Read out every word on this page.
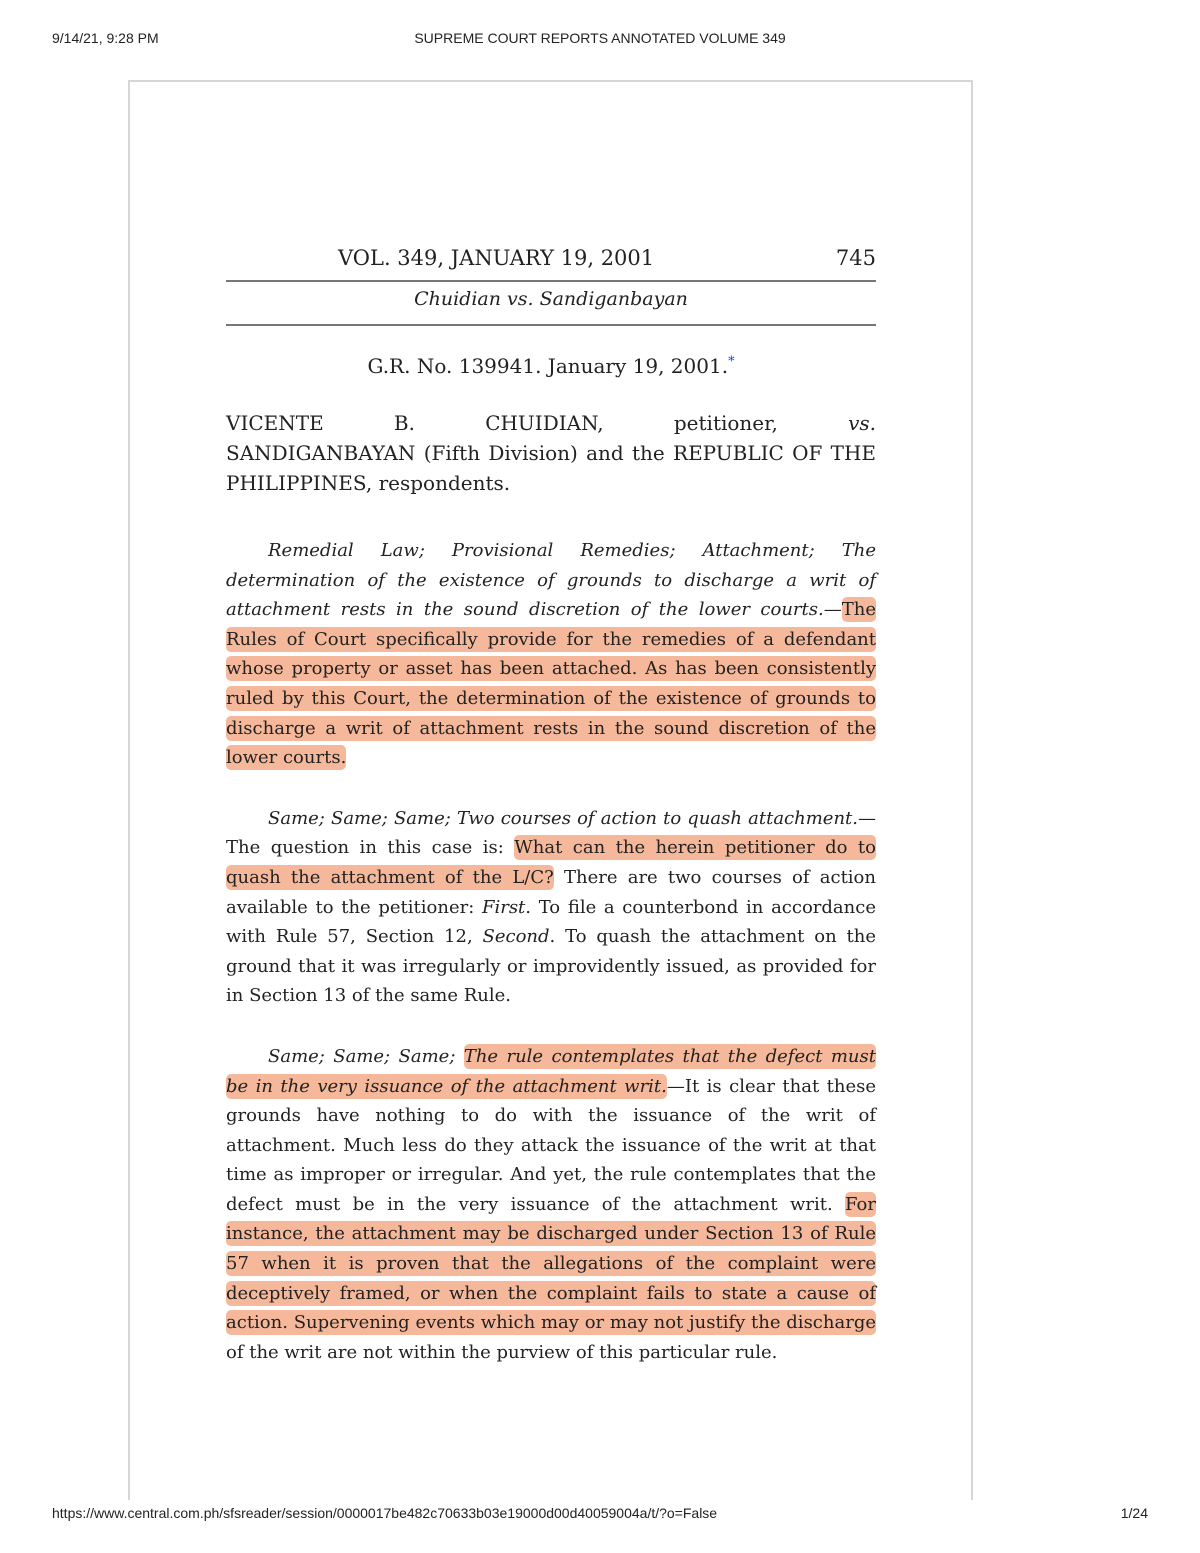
9/14/21, 9:28 PM	SUPREME COURT REPORTS ANNOTATED VOLUME 349
VOL. 349, JANUARY 19, 2001	745
Chuidian vs. Sandiganbayan
G.R. No. 139941. January 19, 2001.*
VICENTE	B.	CHUIDIAN,	petitioner,	vs.
SANDIGANBAYAN (Fifth Division) and the REPUBLIC OF THE PHILIPPINES, respondents.

Remedial Law; Provisional Remedies; Attachment; The determination of the existence of grounds to discharge a writ of attachment rests in the sound discretion of the lower courts.—The Rules of Court specifically provide for the remedies of a defendant whose property or asset has been attached. As has been consistently ruled by this Court, the determination of the existence of grounds to discharge a writ of attachment rests in the sound discretion of the lower courts.

Same; Same; Same; Two courses of action to quash attachment.— The question in this case is: What can the herein petitioner do to quash the attachment of the L/C? There are two courses of action available to the petitioner: First. To file a counterbond in accordance with Rule 57, Section 12, Second. To quash the attachment on the ground that it was irregularly or improvidently issued, as provided for in Section 13 of the same Rule.

Same; Same; Same; The rule contemplates that the defect must be in the very issuance of the attachment writ.—It is clear that these grounds have nothing to do with the issuance of the writ of attachment. Much less do they attack the issuance of the writ at that time as improper or irregular. And yet, the rule contemplates that the defect must be in the very issuance of the attachment writ. For instance, the attachment may be discharged under Section 13 of Rule 57 when it is proven that the allegations of the complaint were deceptively framed, or when the complaint fails to state a cause of action. Supervening events which may or may not justify the discharge of the writ are not within the purview of this particular rule.

https://www.central.com.ph/sfsreader/session/0000017be482c70633b03e19000d00d40059004a/t/?o=False	1/24
